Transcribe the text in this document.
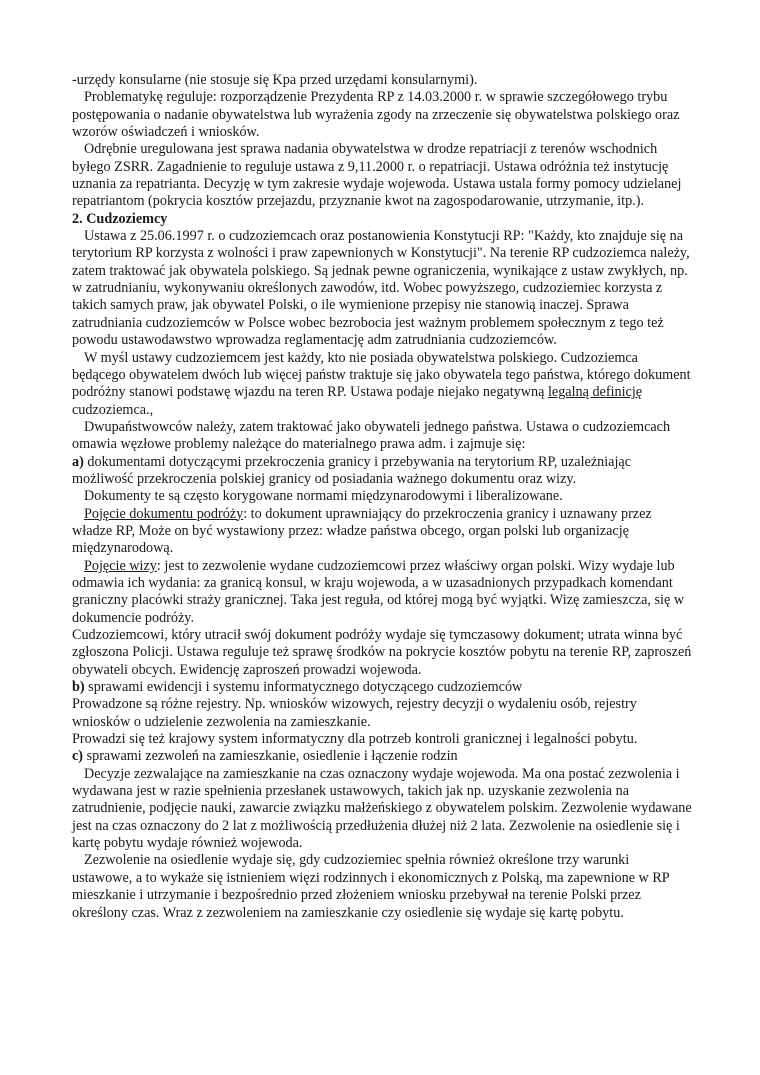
-urzędy konsularne (nie stosuje się Kpa przed urzędami konsularnymi).

Problematykę reguluje: rozporządzenie Prezydenta RP z 14.03.2000 r. w sprawie szczegółowego trybu postępowania o nadanie obywatelstwa lub wyrażenia zgody na zrzeczenie się obywatelstwa polskiego oraz wzorów oświadczeń i wniosków.

Odrębnie uregulowana jest sprawa nadania obywatelstwa w drodze repatriacji z terenów wschodnich byłego ZSRR. Zagadnienie to reguluje ustawa z 9,11.2000 r. o repatriacji. Ustawa odróżnia też instytucję uznania za repatrianta. Decyzję w tym zakresie wydaje wojewoda. Ustawa ustala formy pomocy udzielanej repatriantom (pokrycia kosztów przejazdu, przyznanie kwot na zagospodarowanie, utrzymanie, itp.).

2. Cudzoziemcy

Ustawa z 25.06.1997 r. o cudzoziemcach oraz postanowienia Konstytucji RP: "Każdy, kto znajduje się na terytorium RP korzysta z wolności i praw zapewnionych w Konstytucji". Na terenie RP cudzoziemca należy, zatem traktować jak obywatela polskiego. Są jednak pewne ograniczenia, wynikające z ustaw zwykłych, np. w zatrudnianiu, wykonywaniu określonych zawodów, itd. Wobec powyższego, cudzoziemiec korzysta z takich samych praw, jak obywatel Polski, o ile wymienione przepisy nie stanowią inaczej. Sprawa zatrudniania cudzoziemców w Polsce wobec bezrobocia jest ważnym problemem społecznym z tego też powodu ustawodawstwo wprowadza reglamentację adm zatrudniania cudzoziemców.

W myśl ustawy cudzoziemcem jest każdy, kto nie posiada obywatelstwa polskiego. Cudzoziemca będącego obywatelem dwóch lub więcej państw traktuje się jako obywatela tego państwa, którego dokument podróżny stanowi podstawę wjazdu na teren RP. Ustawa podaje niejako negatywną legalną definicję cudzoziemca.,

Dwupaństwowców należy, zatem traktować jako obywateli jednego państwa. Ustawa o cudzoziemcach omawia węzłowe problemy należące do materialnego prawa adm. i zajmuje się:

a) dokumentami dotyczącymi przekroczenia granicy i przebywania na terytorium RP, uzależniając możliwość przekroczenia polskiej granicy od posiadania ważnego dokumentu oraz wizy.

Dokumenty te są często korygowane normami międzynarodowymi i liberalizowane.

Pojęcie dokumentu podróży: to dokument uprawniający do przekroczenia granicy i uznawany przez władze RP, Może on być wystawiony przez: władze państwa obcego, organ polski lub organizację międzynarodową.

Pojęcie wizy: jest to zezwolenie wydane cudzoziemcowi przez właściwy organ polski. Wizy wydaje lub odmawia ich wydania: za granicą konsul, w kraju wojewoda, a w uzasadnionych przypadkach komendant graniczny placówki straży granicznej. Taka jest reguła, od której mogą być wyjątki. Wizę zamieszcza, się w dokumencie podróży.

Cudzoziemcowi, który utracił swój dokument podróży wydaje się tymczasowy dokument; utrata winna być zgłoszona Policji. Ustawa reguluje też sprawę środków na pokrycie kosztów pobytu na terenie RP, zaproszeń obywateli obcych. Ewidencję zaproszeń prowadzi wojewoda.

b) sprawami ewidencji i systemu informatycznego dotyczącego cudzoziemców

Prowadzone są różne rejestry. Np. wniosków wizowych, rejestry decyzji o wydaleniu osób, rejestry wniosków o udzielenie zezwolenia na zamieszkanie.

Prowadzi się też krajowy system informatyczny dla potrzeb kontroli granicznej i legalności pobytu.

c) sprawami zezwoleń na zamieszkanie, osiedlenie i łączenie rodzin

Decyzje zezwalające na zamieszkanie na czas oznaczony wydaje wojewoda. Ma ona postać zezwolenia i wydawana jest w razie spełnienia przesłanek ustawowych, takich jak np. uzyskanie zezwolenia na zatrudnienie, podjęcie nauki, zawarcie związku małżeńskiego z obywatelem polskim. Zezwolenie wydawane jest na czas oznaczony do 2 lat z możliwością przedłużenia dłużej niż 2 lata. Zezwolenie na osiedlenie się i kartę pobytu wydaje również wojewoda.

Zezwolenie na osiedlenie wydaje się, gdy cudzoziemiec spełnia również określone trzy warunki ustawowe, a to wykaże się istnieniem więzi rodzinnych i ekonomicznych z Polską, ma zapewnione w RP mieszkanie i utrzymanie i bezpośrednio przed złożeniem wniosku przebywał na terenie Polski przez określony czas. Wraz z zezwoleniem na zamieszkanie czy osiedlenie się wydaje się kartę pobytu.
